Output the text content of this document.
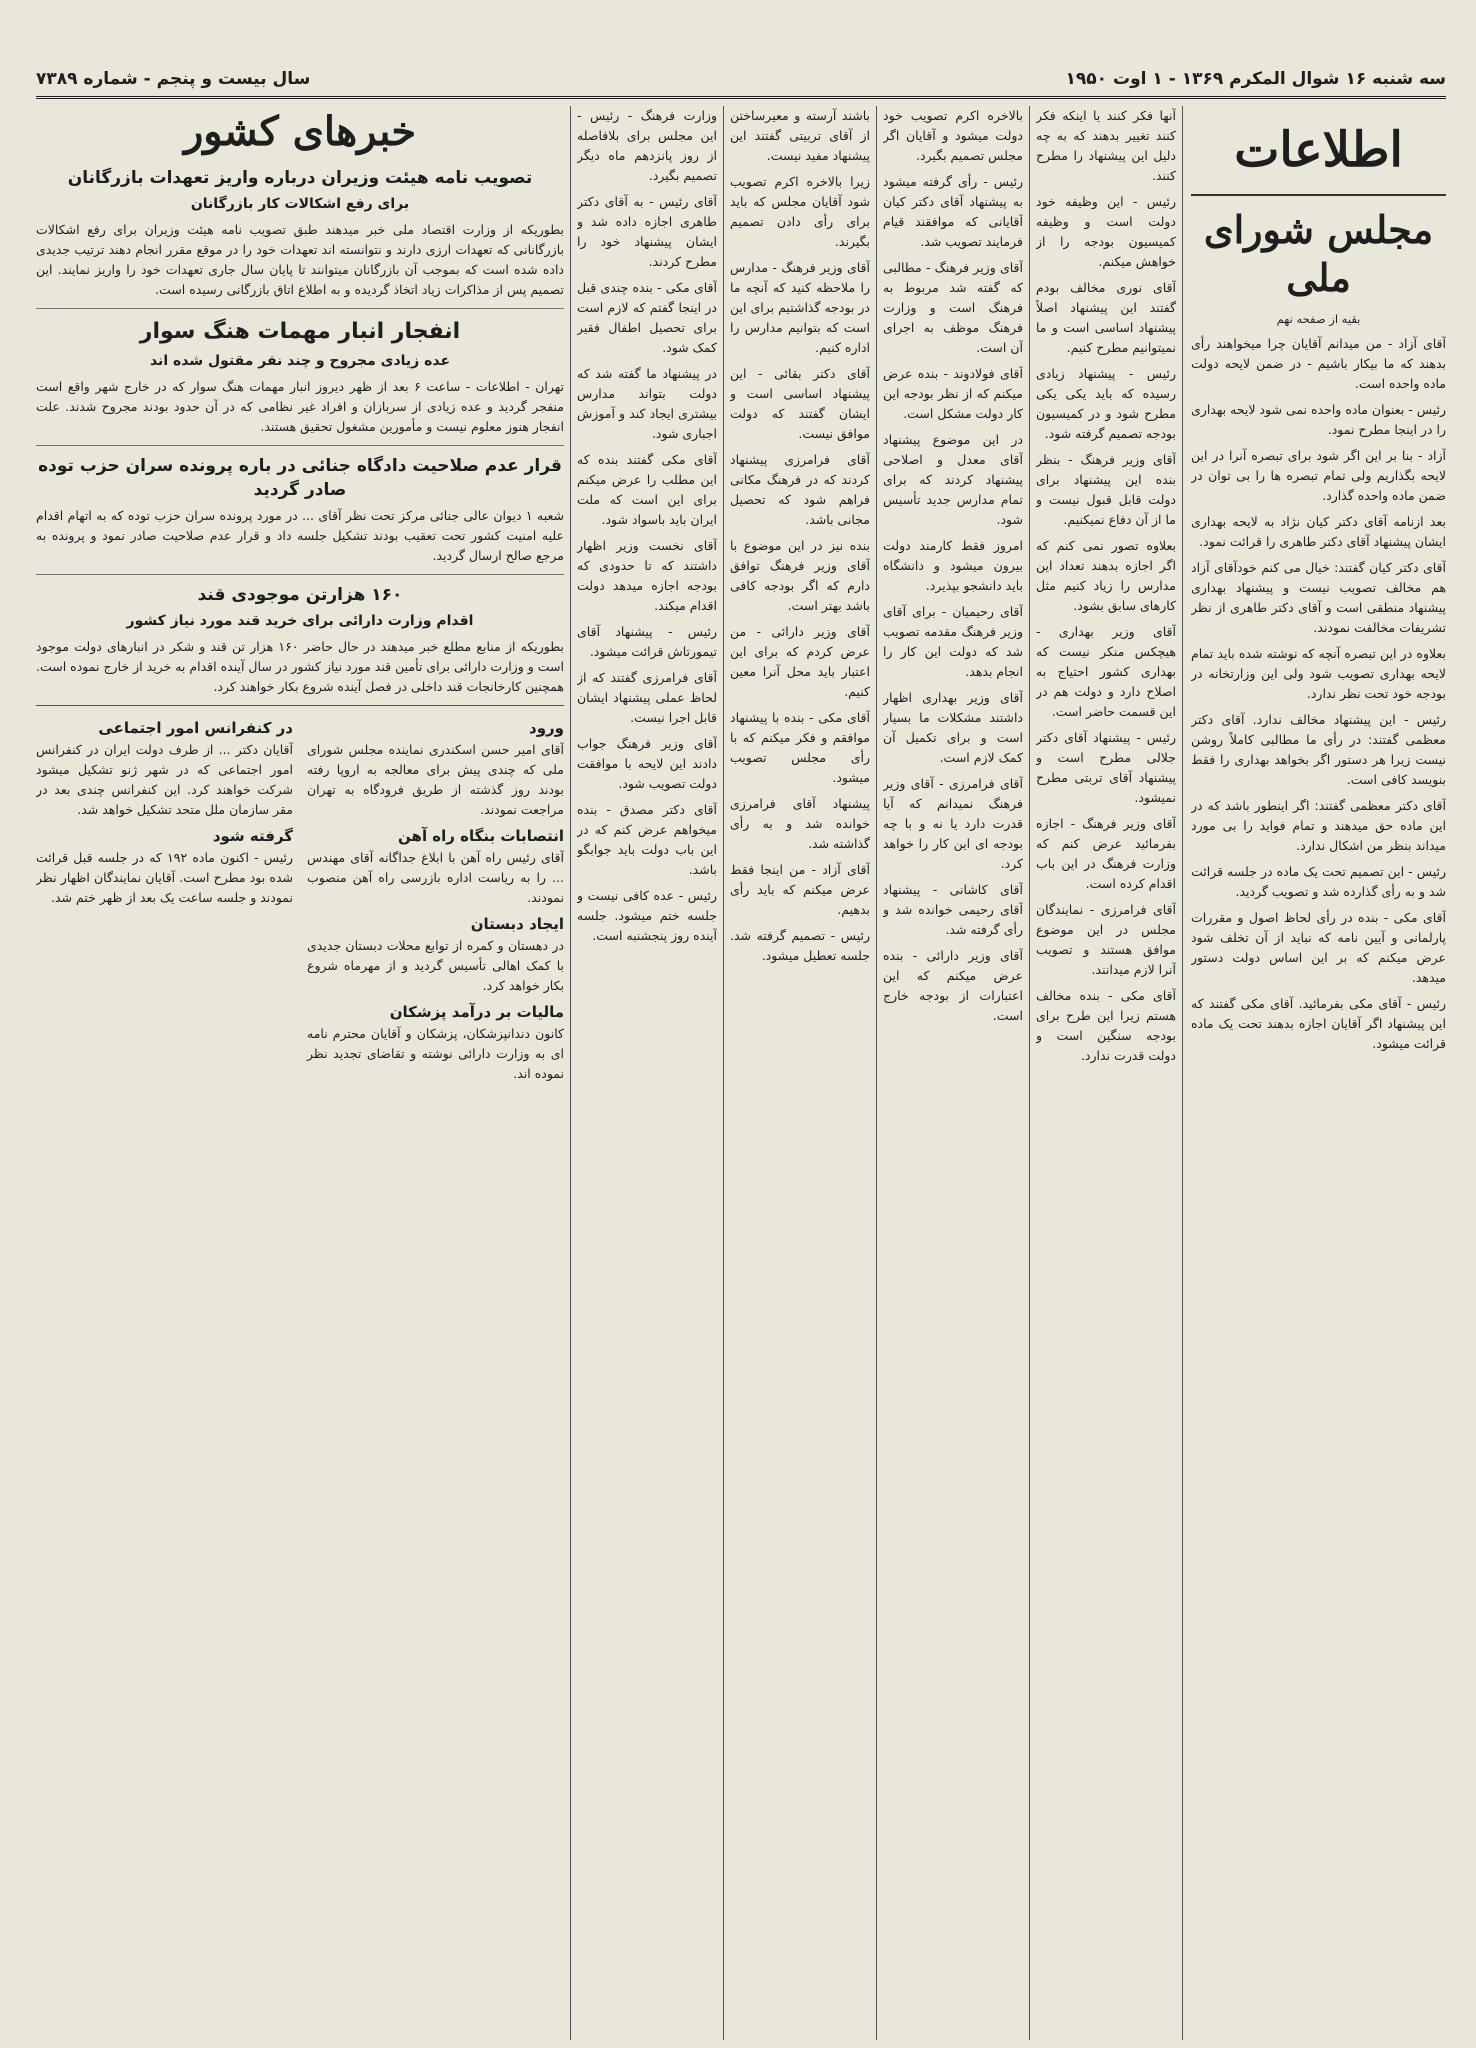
سه شنبه ۱۶ شوال المکرم ۱۳۶۹ - ۱ اوت ۱۹۵۰
سال بیست و پنجم - شماره ۷۳۸۹
اطلاعات
مجلس شورای ملی

بقیه از صفحه نهم

آقای آزاد - من میدانم آقایان چرا میخواهند رأی بدهند که ما بیکار باشیم - در ضمن لایحه دولت ماده واحده است.

رئیس - بعنوان ماده واحده نمی شود لایحه بهداری را در اینجا مطرح نمود.

آزاد - بنا بر این اگر شود برای تبصره آنرا در این لایحه بگذاریم ولی تمام تبصره ها را بی توان در ضمن ماده واحده گذارد.

بعد ازنامه آقای دکتر کیان نژاد به لایحه بهداری ایشان پیشنهاد آقای دکتر طاهری را قرائت نمود.

آقای دکتر کیان گفتند: خیال می کنم خودآقای آزاد هم مخالف تصویب نیست و پیشنهاد بهداری پیشنهاد منطقی است و آقای دکتر طاهری از نظر تشریفات مخالفت نمودند.

بعلاوه در این تبصره آنچه که نوشته شده باید تمام لایحه بهداری تصویب شود ولی این وزارتخانه در بودجه خود تحت نظر ندارد.

رئیس - این پیشنهاد مخالف ندارد. آقای دکتر معظمی گفتند: در رأی ما مطالبی کاملاً روشن نیست زیرا هر دستور اگر بخواهد بهداری را فقط بنویسد کافی است.

آقای دکتر معظمی گفتند: اگر اینطور باشد که در این ماده حق میدهند و تمام فواید را بی مورد میداند بنظر من اشکال ندارد.

رئیس - این تصمیم تحت یک ماده در جلسه قرائت شد و به رأی گذارده شد و تصویب گردید.

آقای مکی - بنده در رأی لحاظ اصول و مقررات پارلمانی و آیین نامه که نباید از آن تخلف شود عرض میکنم که بر این اساس دولت دستور میدهد.

رئیس - آقای مکی بفرمائید. آقای مکی گفتند که این پیشنهاد اگر آقایان اجازه بدهند تحت یک ماده قرائت میشود.

آنها فکر کنند یا اینکه فکر کنند تغییر بدهند که به چه دلیل این پیشنهاد را مطرح کنند.

رئیس - این وظیفه خود دولت است و وظیفه کمیسیون بودجه را از خواهش میکنم.

آقای نوری مخالف بودم گفتند این پیشنهاد اصلاً پیشنهاد اساسی است و ما نمیتوانیم مطرح کنیم.

رئیس - پیشنهاد زیادی رسیده که باید یکی یکی مطرح شود و در کمیسیون بودجه تصمیم گرفته شود.

آقای وزیر فرهنگ - بنظر بنده این پیشنهاد برای دولت قابل قبول نیست و ما از آن دفاع نمیکنیم.

بعلاوه تصور نمی کنم که اگر اجازه بدهند تعداد این مدارس را زیاد کنیم مثل کارهای سابق بشود.

آقای وزیر بهداری - هیچکس منکر نیست که بهداری کشور احتیاج به اصلاح دارد و دولت هم در این قسمت حاضر است.

رئیس - پیشنهاد آقای دکتر جلالی مطرح است و پیشنهاد آقای تربتی مطرح نمیشود.

آقای وزیر فرهنگ - اجازه بفرمائید عرض کنم که وزارت فرهنگ در این باب اقدام کرده است.

آقای فرامرزی - نمایندگان مجلس در این موضوع موافق هستند و تصویب آنرا لازم میدانند.

آقای مکی - بنده مخالف هستم زیرا این طرح برای بودجه سنگین است و دولت قدرت ندارد.

بالاخره اکرم تصویب خود دولت میشود و آقایان اگر مجلس تصمیم بگیرد.

رئیس - رأی گرفته میشود به پیشنهاد آقای دکتر کیان آقایانی که موافقند قیام فرمایند تصویب شد.

آقای وزیر فرهنگ - مطالبی که گفته شد مربوط به فرهنگ است و وزارت فرهنگ موظف به اجرای آن است.

آقای فولادوند - بنده عرض میکنم که از نظر بودجه این کار دولت مشکل است.

در این موضوع پیشنهاد آقای معدل و اصلاحی پیشنهاد کردند که برای تمام مدارس جدید تأسیس شود.

امروز فقط کارمند دولت بیرون میشود و دانشگاه باید دانشجو بپذیرد.

آقای رحیمیان - برای آقای وزیر فرهنگ مقدمه تصویب شد که دولت این کار را انجام بدهد.

آقای وزیر بهداری اظهار داشتند مشکلات ما بسیار است و برای تکمیل آن کمک لازم است.

آقای فرامرزی - آقای وزیر فرهنگ نمیدانم که آیا قدرت دارد یا نه و با چه بودجه ای این کار را خواهد کرد.

آقای کاشانی - پیشنهاد آقای رحیمی خوانده شد و رأی گرفته شد.

آقای وزیر دارائی - بنده عرض میکنم که این اعتبارات از بودجه خارج است.

باشند آرسته و معیرساختن از آقای تربیتی گفتند این پیشنهاد مفید نیست.

زیرا بالاخره اکرم تصویب شود آقایان مجلس که باید برای رأی دادن تصمیم بگیرند.

آقای وزیر فرهنگ - مدارس را ملاحظه کنید که آنچه ما در بودجه گذاشتیم برای این است که بتوانیم مدارس را اداره کنیم.

آقای دکتر بقائی - این پیشنهاد اساسی است و ایشان گفتند که دولت موافق نیست.

آقای فرامرزی پیشنهاد کردند که در فرهنگ مکانی فراهم شود که تحصیل مجانی باشد.

بنده نیز در این موضوع با آقای وزیر فرهنگ توافق دارم که اگر بودجه کافی باشد بهتر است.

آقای وزیر دارائی - من عرض کردم که برای این اعتبار باید محل آنرا معین کنیم.

آقای مکی - بنده با پیشنهاد موافقم و فکر میکنم که با رأی مجلس تصویب میشود.

پیشنهاد آقای فرامرزی خوانده شد و به رأی گذاشته شد.

آقای آزاد - من اینجا فقط عرض میکنم که باید رأی بدهیم.

رئیس - تصمیم گرفته شد. جلسه تعطیل میشود.

وزارت فرهنگ - رئیس - این مجلس برای بلافاصله از روز پانزدهم ماه دیگر تصمیم بگیرد.

آقای رئیس - به آقای دکتر طاهری اجازه داده شد و ایشان پیشنهاد خود را مطرح کردند.

آقای مکی - بنده چندی قبل در اینجا گفتم که لازم است برای تحصیل اطفال فقیر کمک شود.

در پیشنهاد ما گفته شد که دولت بتواند مدارس بیشتری ایجاد کند و آموزش اجباری شود.

آقای مکی گفتند بنده که این مطلب را عرض میکنم برای این است که ملت ایران باید باسواد شود.

آقای نخست وزیر اظهار داشتند که تا حدودی که بودجه اجازه میدهد دولت اقدام میکند.

رئیس - پیشنهاد آقای تیمورتاش قرائت میشود.

آقای فرامرزی گفتند که از لحاظ عملی پیشنهاد ایشان قابل اجرا نیست.

آقای وزیر فرهنگ جواب دادند این لایحه با موافقت دولت تصویب شود.

آقای دکتر مصدق - بنده میخواهم عرض کنم که در این باب دولت باید جوابگو باشد.

رئیس - عده کافی نیست و جلسه ختم میشود. جلسه آینده روز پنجشنبه است.

خبرهای کشور
تصویب نامه هیئت وزیران درباره واریز تعهدات بازرگانان
برای رفع اشکالات کار بازرگانان

بطوریکه از وزارت اقتصاد ملی خبر میدهند طبق تصویب نامه هیئت وزیران برای رفع اشکالات بازرگانانی که تعهدات ارزی دارند و نتوانسته اند تعهدات خود را در موقع مقرر انجام دهند ترتیب جدیدی داده شده است که بموجب آن بازرگانان میتوانند تا پایان سال جاری تعهدات خود را واریز نمایند. این تصمیم پس از مذاکرات زیاد اتخاذ گردیده و به اطلاع اتاق بازرگانی رسیده است.

انفجار انبار مهمات هنگ سوار
عده زیادی مجروح و چند نفر مقتول شده اند

تهران - اطلاعات - ساعت ۶ بعد از ظهر دیروز انبار مهمات هنگ سوار که در خارج شهر واقع است منفجر گردید و عده زیادی از سربازان و افراد غیر نظامی که در آن حدود بودند مجروح شدند. علت انفجار هنوز معلوم نیست و مأمورین مشغول تحقیق هستند.

قرار عدم صلاحیت دادگاه جنائی در باره پرونده سران حزب توده صادر گردید

شعبه ۱ دیوان عالی جنائی مرکز تحت نظر آقای ... در مورد پرونده سران حزب توده که به اتهام اقدام علیه امنیت کشور تحت تعقیب بودند تشکیل جلسه داد و قرار عدم صلاحیت صادر نمود و پرونده به مرجع صالح ارسال گردید.

۱۶۰ هزارتن موجودی قند
اقدام وزارت دارائی برای خرید قند مورد نیاز کشور

بطوریکه از منابع مطلع خبر میدهند در حال حاضر ۱۶۰ هزار تن قند و شکر در انبارهای دولت موجود است و وزارت دارائی برای تأمین قند مورد نیاز کشور در سال آینده اقدام به خرید از خارج نموده است. همچنین کارخانجات قند داخلی در فصل آینده شروع بکار خواهند کرد.

ورود

آقای امیر حسن اسکندری نماینده مجلس شورای ملی که چندی پیش برای معالجه به اروپا رفته بودند روز گذشته از طریق فرودگاه به تهران مراجعت نمودند.

انتصابات بنگاه راه آهن

آقای رئیس راه آهن با ابلاغ جداگانه آقای مهندس ... را به ریاست اداره بازرسی راه آهن منصوب نمودند.

ایجاد دبستان

در دهستان و کمره از توابع محلات دبستان جدیدی با کمک اهالی تأسیس گردید و از مهرماه شروع بکار خواهد کرد.

مالیات بر درآمد پزشکان

کانون دندانپزشکان، پزشکان و آقایان محترم نامه ای به وزارت دارائی نوشته و تقاضای تجدید نظر نموده اند.

در کنفرانس امور اجتماعی

آقایان دکتر ... از طرف دولت ایران در کنفرانس امور اجتماعی که در شهر ژنو تشکیل میشود شرکت خواهند کرد. این کنفرانس چندی بعد در مقر سازمان ملل متحد تشکیل خواهد شد.

گرفته شود

رئیس - اکنون ماده ۱۹۲ که در جلسه قبل قرائت شده بود مطرح است. آقایان نمایندگان اظهار نظر نمودند و جلسه ساعت یک بعد از ظهر ختم شد.
